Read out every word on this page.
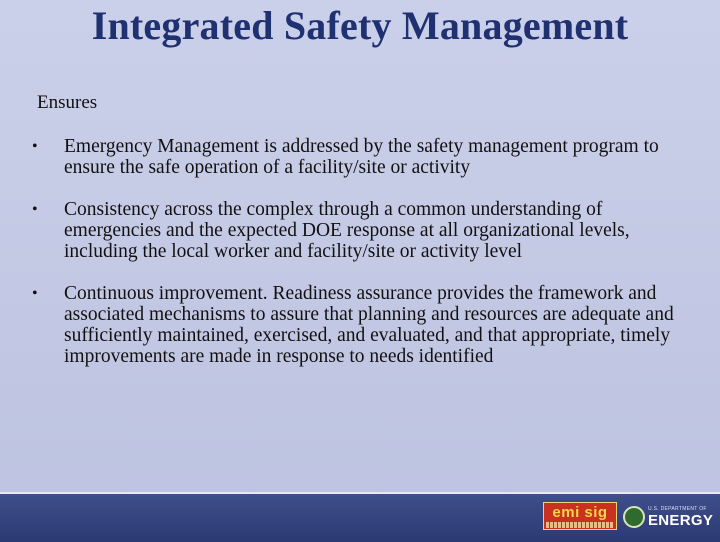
Integrated Safety Management
Ensures
• Emergency Management is addressed by the safety management program to ensure the safe operation of a facility/site or activity
• Consistency across the complex through a common understanding of emergencies and the expected DOE response at all organizational levels, including the local worker and facility/site or activity level
• Continuous improvement. Readiness assurance provides the framework and associated mechanisms to assure that planning and resources are adequate and sufficiently maintained, exercised, and evaluated, and that appropriate, timely improvements are made in response to needs identified
emi sig	U.S. DEPARTMENT OF
ENERGY
